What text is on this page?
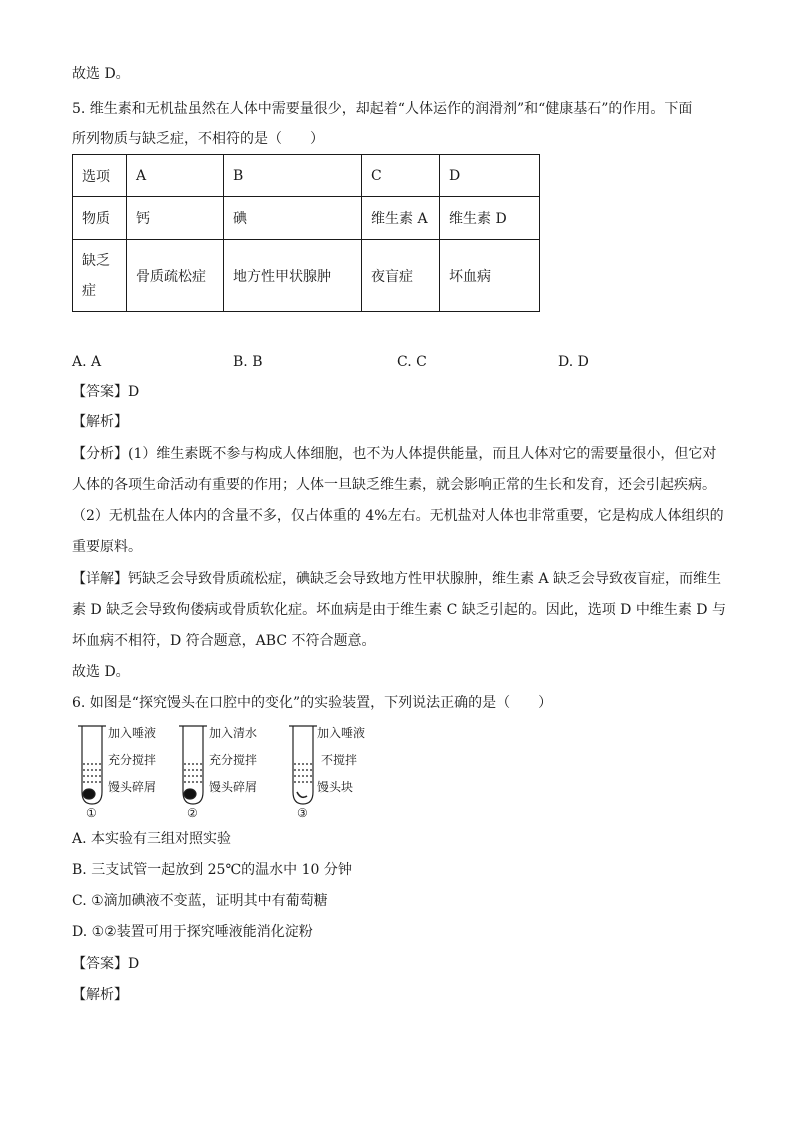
故选 D。
5. 维生素和无机盐虽然在人体中需要量很少，却起着“人体运作的润滑剂”和“健康基石”的作用。下面
所列物质与缺乏症，不相符的是（　　）
选项	A	B	C	D
物质	钙	碘	维生素 A	维生素 D
缺乏
症	骨质疏松症	地方性甲状腺肿	夜盲症	坏血病
A. A	B. B	C. C	D. D
【答案】D
【解析】
【分析】(1）维生素既不参与构成人体细胞，也不为人体提供能量，而且人体对它的需要量很小，但它对
人体的各项生命活动有重要的作用；人体一旦缺乏维生素，就会影响正常的生长和发育，还会引起疾病。
（2）无机盐在人体内的含量不多，仅占体重的 4%左右。无机盐对人体也非常重要，它是构成人体组织的
重要原料。
【详解】钙缺乏会导致骨质疏松症，碘缺乏会导致地方性甲状腺肿，维生素 A 缺乏会导致夜盲症，而维生
素 D 缺乏会导致佝偻病或骨质软化症。坏血病是由于维生素 C 缺乏引起的。因此，选项 D 中维生素 D 与
坏血病不相符，D 符合题意，ABC 不符合题意。
故选 D。
6. 如图是“探究馒头在口腔中的变化”的实验装置，下列说法正确的是（　　）
加入唾液
充分搅拌
馒头碎屑
加入清水
充分搅拌
馒头碎屑
加入唾液
不搅拌
馒头块
①	②	③
A. 本实验有三组对照实验
B. 三支试管一起放到 25℃的温水中 10 分钟
C. ①滴加碘液不变蓝，证明其中有葡萄糖
D. ①②装置可用于探究唾液能消化淀粉
【答案】D
【解析】
